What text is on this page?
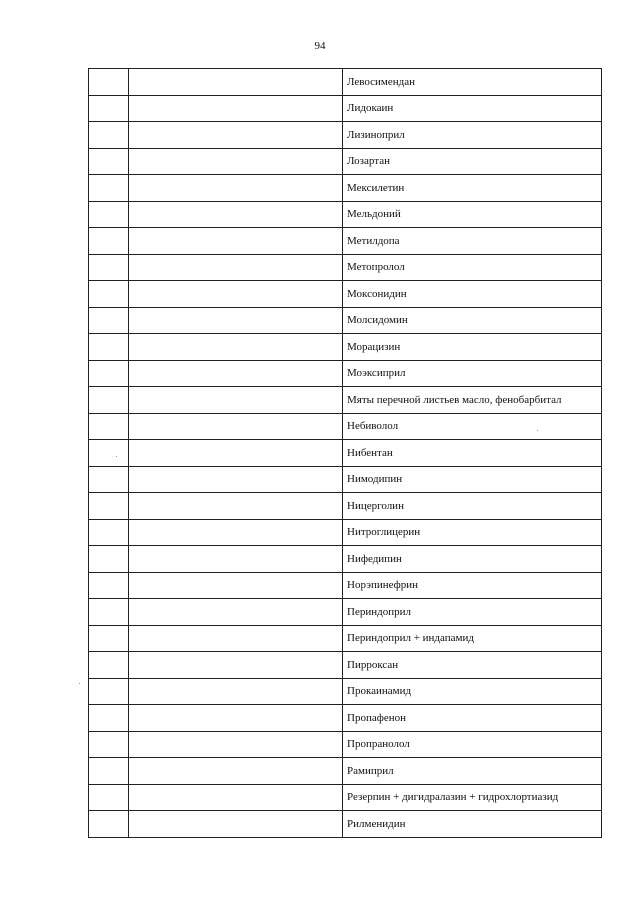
94
		Левосимендан
		Лидокаин
		Лизиноприл
		Лозартан
		Мексилетин
		Мельдоний
		Метилдопа
		Метопролол
		Моксонидин
		Молсидомин
		Морацизин
		Моэксиприл
		Мяты перечной листьев масло, фенобарбитал
		Небиволол
		Нибентан
		Нимодипин
		Ницерголин
		Нитроглицерин
		Нифедипин
		Норэпинефрин
		Периндоприл
		Периндоприл + индапамид
		Пирроксан
		Прокаинамид
		Пропафенон
		Пропранолол
		Рамиприл
		Резерпин + дигидралазин + гидрохлортиазид
		Рилменидин
